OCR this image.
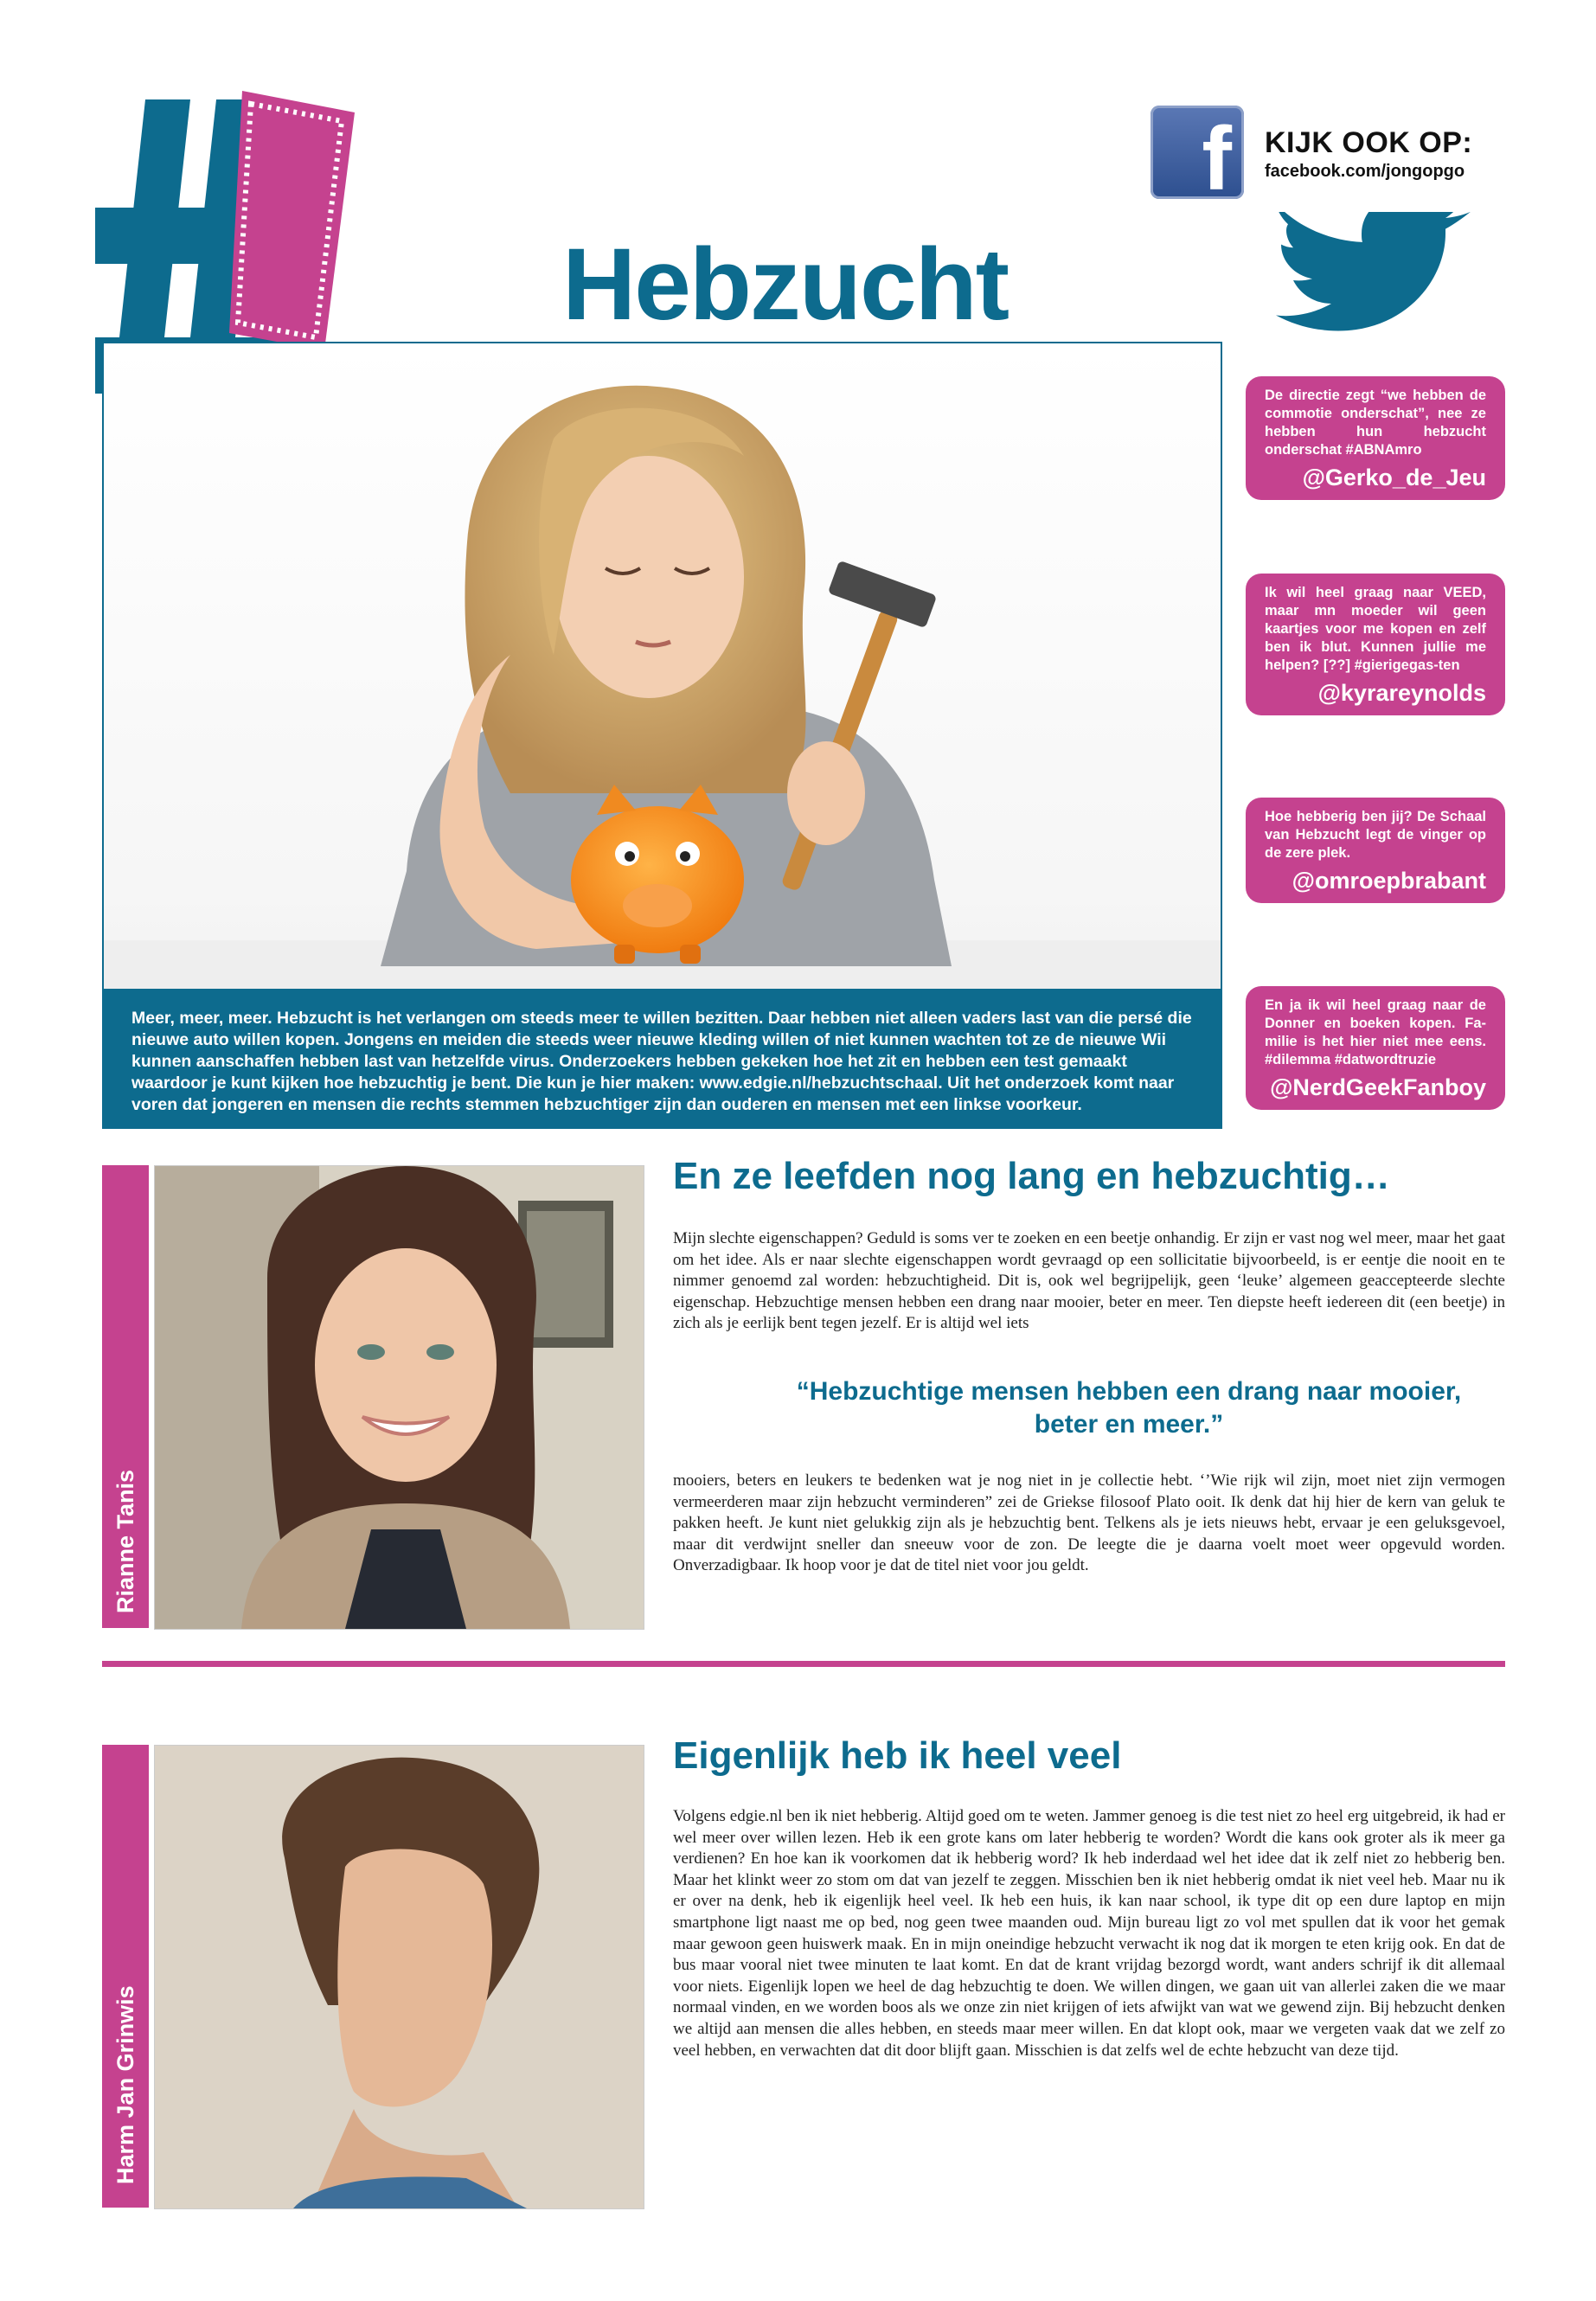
f KIJK OOK OP:
facebook.com/jongopgo
Hebzucht
Meer, meer, meer. Hebzucht is het verlangen om steeds meer te willen bezitten. Daar hebben niet alleen vaders last van die persé die nieuwe auto willen kopen. Jongens en meiden die steeds weer nieuwe kleding willen of niet kunnen wachten tot ze de nieuwe Wii kunnen aanschaffen hebben last van hetzelfde virus. Onderzoekers hebben gekeken hoe het zit en hebben een test gemaakt waardoor je kunt kijken hoe hebzuchtig je bent. Die kun je hier maken: www.edgie.nl/hebzuchtschaal. Uit het onderzoek komt naar voren dat jongeren en mensen die rechts stemmen hebzuchtiger zijn dan ouderen en mensen met een linkse voorkeur.
De directie zegt “we hebben de commotie onderschat”, nee ze hebben hun hebzucht onderschat #ABNAmro
@Gerko_de_Jeu
Ik wil heel graag naar VEED, maar mn moeder wil geen kaartjes voor me kopen en zelf ben ik blut. Kunnen jullie me helpen? [??] #gierigegas-ten
@kyrareynolds
Hoe hebberig ben jij? De Schaal van Hebzucht legt de vinger op de zere plek.
@omroepbrabant
En ja ik wil heel graag naar de Donner en boeken kopen. Fa-milie is het hier niet mee eens. #dilemma #datwordtruzie
@NerdGeekFanboy
Rianne Tanis
En ze leefden nog lang en hebzuchtig…
Mijn slechte eigenschappen? Geduld is soms ver te zoeken en een beetje onhandig. Er zijn er vast nog wel meer, maar het gaat om het idee. Als er naar slechte eigenschappen wordt gevraagd op een sollicitatie bijvoorbeeld, is er eentje die nooit en te nimmer genoemd zal worden: hebzuchtigheid. Dit is, ook wel begrijpelijk, geen ‘leuke’ algemeen geaccepteerde slechte eigenschap. Hebzuchtige mensen hebben een drang naar mooier, beter en meer. Ten diepste heeft iedereen dit (een beetje) in zich als je eerlijk bent tegen jezelf. Er is altijd wel iets
“Hebzuchtige mensen hebben een drang naar mooier, beter en meer.”
mooiers, beters en leukers te bedenken wat je nog niet in je collectie hebt. ‘’Wie rijk wil zijn, moet niet zijn vermogen vermeerderen maar zijn hebzucht verminderen” zei de Griekse filosoof Plato ooit. Ik denk dat hij hier de kern van geluk te pakken heeft. Je kunt niet gelukkig zijn als je hebzuchtig bent. Telkens als je iets nieuws hebt, ervaar je een geluksgevoel, maar dit verdwijnt sneller dan sneeuw voor de zon. De leegte die je daarna voelt moet weer opgevuld worden. Onverzadigbaar. Ik hoop voor je dat de titel niet voor jou geldt.
Harm Jan Grinwis
Eigenlijk heb ik heel veel
Volgens edgie.nl ben ik niet hebberig. Altijd goed om te weten. Jammer genoeg is die test niet zo heel erg uitgebreid, ik had er wel meer over willen lezen. Heb ik een grote kans om later hebberig te worden? Wordt die kans ook groter als ik meer ga verdienen? En hoe kan ik voorkomen dat ik hebberig word? Ik heb inderdaad wel het idee dat ik zelf niet zo hebberig ben. Maar het klinkt weer zo stom om dat van jezelf te zeggen. Misschien ben ik niet hebberig omdat ik niet veel heb. Maar nu ik er over na denk, heb ik eigenlijk heel veel. Ik heb een huis, ik kan naar school, ik type dit op een dure laptop en mijn smartphone ligt naast me op bed, nog geen twee maanden oud. Mijn bureau ligt zo vol met spullen dat ik voor het gemak maar gewoon geen huiswerk maak. En in mijn oneindige hebzucht verwacht ik nog dat ik morgen te eten krijg ook. En dat de bus maar vooral niet twee minuten te laat komt. En dat de krant vrijdag bezorgd wordt, want anders schrijf ik dit allemaal voor niets. Eigenlijk lopen we heel de dag hebzuchtig te doen. We willen dingen, we gaan uit van allerlei zaken die we maar normaal vinden, en we worden boos als we onze zin niet krijgen of iets afwijkt van wat we gewend zijn. Bij hebzucht denken we altijd aan mensen die alles hebben, en steeds maar meer willen. En dat klopt ook, maar we vergeten vaak dat we zelf zo veel hebben, en verwachten dat dit door blijft gaan. Misschien is dat zelfs wel de echte hebzucht van deze tijd.
